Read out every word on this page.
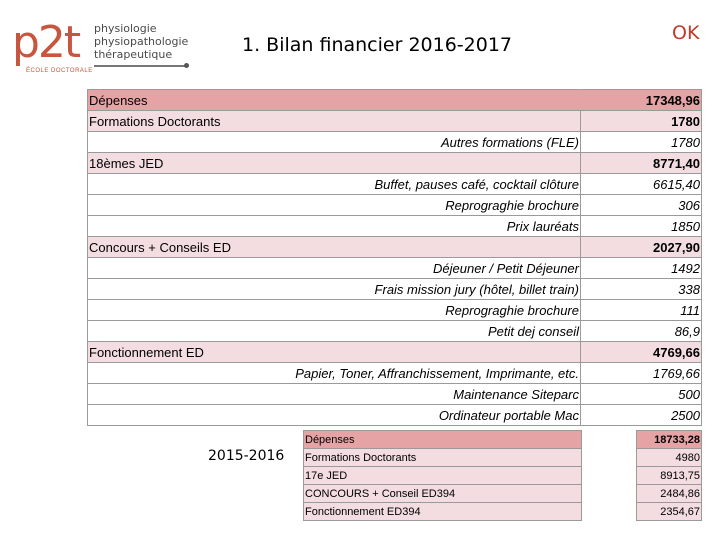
p2t physiologie
physiopathologie
thérapeutique
ÉCOLE DOCTORALE
1. Bilan financier 2016-2017
OK
Dépenses	17348,96
Formations Doctorants	1780
Autres formations (FLE)	1780
18èmes JED	8771,40
Buffet, pauses café, cocktail clôture	6615,40
Reprograghie brochure	306
Prix lauréats	1850
Concours + Conseils ED	2027,90
Déjeuner / Petit Déjeuner	1492
Frais mission jury (hôtel, billet train)	338
Reprograghie brochure	111
Petit dej conseil	86,9
Fonctionnement ED	4769,66
Papier, Toner, Affranchissement, Imprimante, etc.	1769,66
Maintenance Siteparc	500
Ordinateur portable Mac	2500
2015-2016
Dépenses		18733,28
Formations Doctorants		4980
17e JED		8913,75
CONCOURS + Conseil ED394		2484,86
Fonctionnement ED394		2354,67
